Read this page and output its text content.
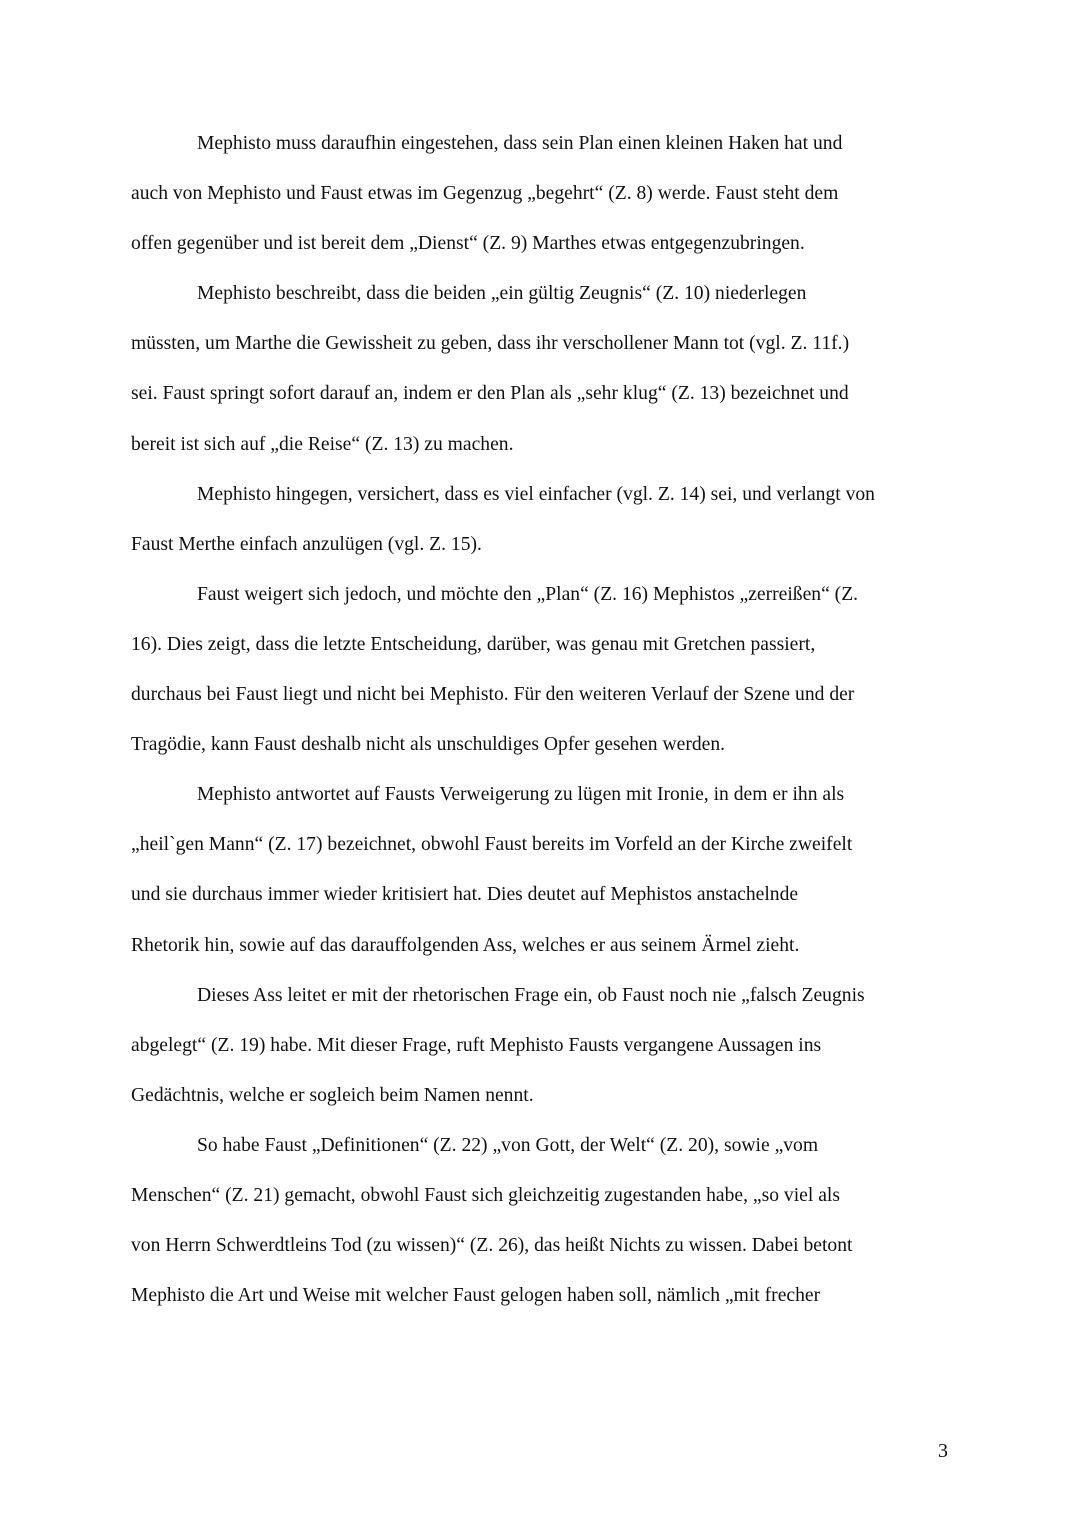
Mephisto muss daraufhin eingestehen, dass sein Plan einen kleinen Haken hat und
auch von Mephisto und Faust etwas im Gegenzug „begehrt“ (Z. 8) werde. Faust steht dem
offen gegenüber und ist bereit dem „Dienst“ (Z. 9) Marthes etwas entgegenzubringen.
Mephisto beschreibt, dass die beiden „ein gültig Zeugnis“ (Z. 10) niederlegen
müssten, um Marthe die Gewissheit zu geben, dass ihr verschollener Mann tot (vgl. Z. 11f.)
sei. Faust springt sofort darauf an, indem er den Plan als „sehr klug“ (Z. 13) bezeichnet und
bereit ist sich auf „die Reise“ (Z. 13) zu machen.
Mephisto hingegen, versichert, dass es viel einfacher (vgl. Z. 14) sei, und verlangt von
Faust Merthe einfach anzulügen (vgl. Z. 15).
Faust weigert sich jedoch, und möchte den „Plan“ (Z. 16) Mephistos „zerreißen“ (Z.
16). Dies zeigt, dass die letzte Entscheidung, darüber, was genau mit Gretchen passiert,
durchaus bei Faust liegt und nicht bei Mephisto. Für den weiteren Verlauf der Szene und der
Tragödie, kann Faust deshalb nicht als unschuldiges Opfer gesehen werden.
Mephisto antwortet auf Fausts Verweigerung zu lügen mit Ironie, in dem er ihn als
„heil`gen Mann“ (Z. 17) bezeichnet, obwohl Faust bereits im Vorfeld an der Kirche zweifelt
und sie durchaus immer wieder kritisiert hat. Dies deutet auf Mephistos anstachelnde
Rhetorik hin, sowie auf das darauffolgenden Ass, welches er aus seinem Ärmel zieht.
Dieses Ass leitet er mit der rhetorischen Frage ein, ob Faust noch nie „falsch Zeugnis
abgelegt“ (Z. 19) habe. Mit dieser Frage, ruft Mephisto Fausts vergangene Aussagen ins
Gedächtnis, welche er sogleich beim Namen nennt.
So habe Faust „Definitionen“ (Z. 22) „von Gott, der Welt“ (Z. 20), sowie „vom
Menschen“ (Z. 21) gemacht, obwohl Faust sich gleichzeitig zugestanden habe, „so viel als
von Herrn Schwerdtleins Tod (zu wissen)“ (Z. 26), das heißt Nichts zu wissen. Dabei betont
Mephisto die Art und Weise mit welcher Faust gelogen haben soll, nämlich „mit frecher
3
